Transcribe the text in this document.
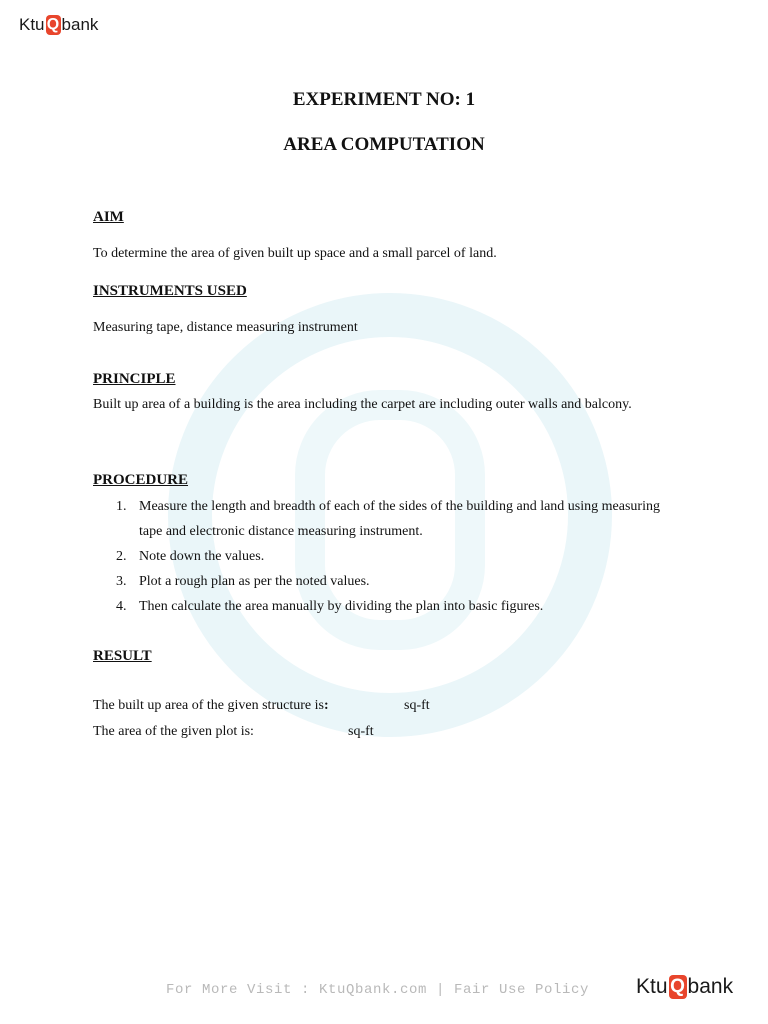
Ktu Q bank
EXPERIMENT NO: 1
AREA COMPUTATION
AIM
To determine the area of given built up space and a small parcel of land.
INSTRUMENTS USED
Measuring tape, distance measuring instrument
PRINCIPLE
Built up area of a building is the area including the carpet are including outer walls and balcony.
PROCEDURE
1. Measure the length and breadth of each of the sides of the building and land using measuring tape and electronic distance measuring instrument.
2. Note down the values.
3. Plot a rough plan as per the noted values.
4. Then calculate the area manually by dividing the plan into basic figures.
RESULT
The built up area of the given structure is:	sq-ft
The area of the given plot is:	sq-ft
For More Visit : KtuQbank.com | Fair Use Policy Ktu Q bank
